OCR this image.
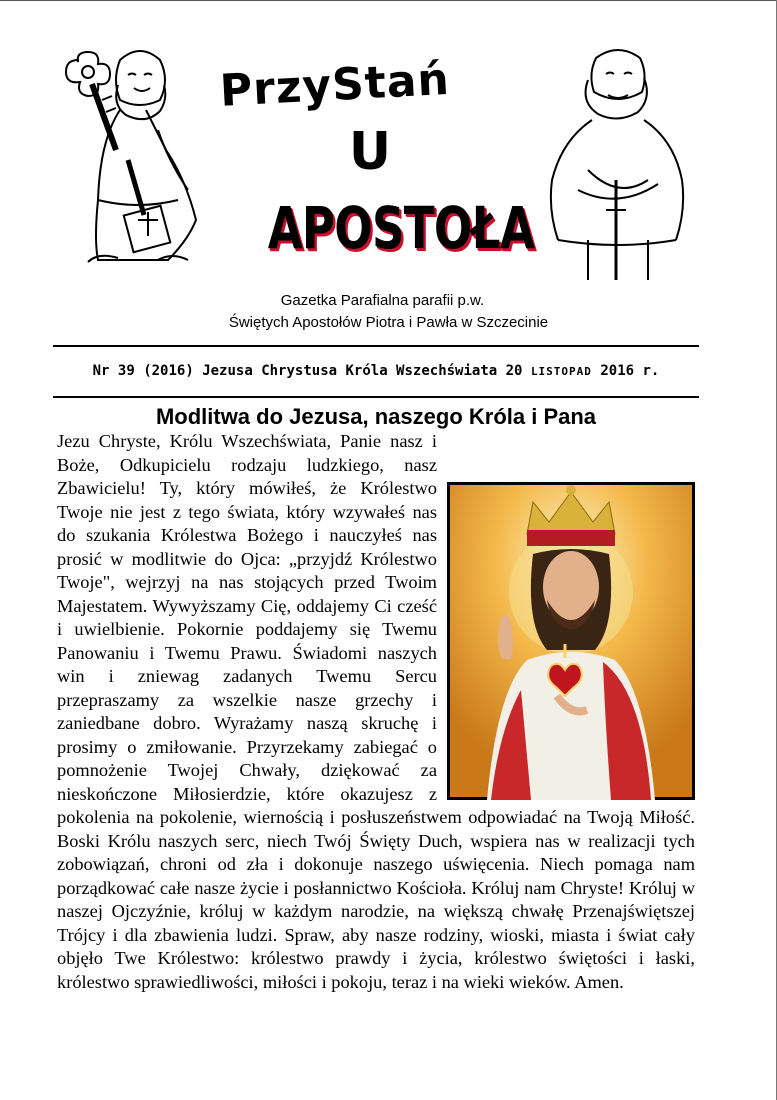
PrzyStań
U
APOSTOŁA
Gazetka Parafialna parafii p.w.
Świętych Apostołów Piotra i Pawła w Szczecinie
Nr 39 (2016) Jezusa Chrystusa Króla Wszechświata 20 LISTOPAD 2016 r.
Modlitwa do Jezusa, naszego Króla i Pana

Jezu Chryste, Królu Wszechświata, Panie nasz i Boże, Odkupicielu rodzaju ludzkiego, nasz Zbawicielu! Ty, który mówiłeś, że Królestwo Twoje nie jest z tego świata, który wzywałeś nas do szukania Królestwa Bożego i nauczyłeś nas prosić w modlitwie do Ojca: „przyjdź Królestwo Twoje", wejrzyj na nas stojących przed Twoim Majestatem. Wywyższamy Cię, oddajemy Ci cześć i uwielbienie. Pokornie poddajemy się Twemu Panowaniu i Twemu Prawu. Świadomi naszych win i zniewag zadanych Twemu Sercu przepraszamy za wszelkie nasze grzechy i zaniedbane dobro. Wyrażamy naszą skruchę i prosimy o zmiłowanie. Przyrzekamy zabiegać o pomnożenie Twojej Chwały, dziękować za nieskończone Miłosierdzie, które okazujesz z pokolenia na pokolenie, wiernością i posłuszeństwem odpowiadać na Twoją Miłość. Boski Królu naszych serc, niech Twój Święty Duch, wspiera nas w realizacji tych zobowiązań, chroni od zła i dokonuje naszego uświęcenia. Niech pomaga nam porządkować całe nasze życie i posłannictwo Kościoła. Króluj nam Chryste! Króluj w naszej Ojczyźnie, króluj w każdym narodzie, na większą chwałę Przenajświętszej Trójcy i dla zbawienia ludzi. Spraw, aby nasze rodziny, wioski, miasta i świat cały objęło Twe Królestwo: królestwo prawdy i życia, królestwo świętości i łaski, królestwo sprawiedliwości, miłości i pokoju, teraz i na wieki wieków. Amen.
